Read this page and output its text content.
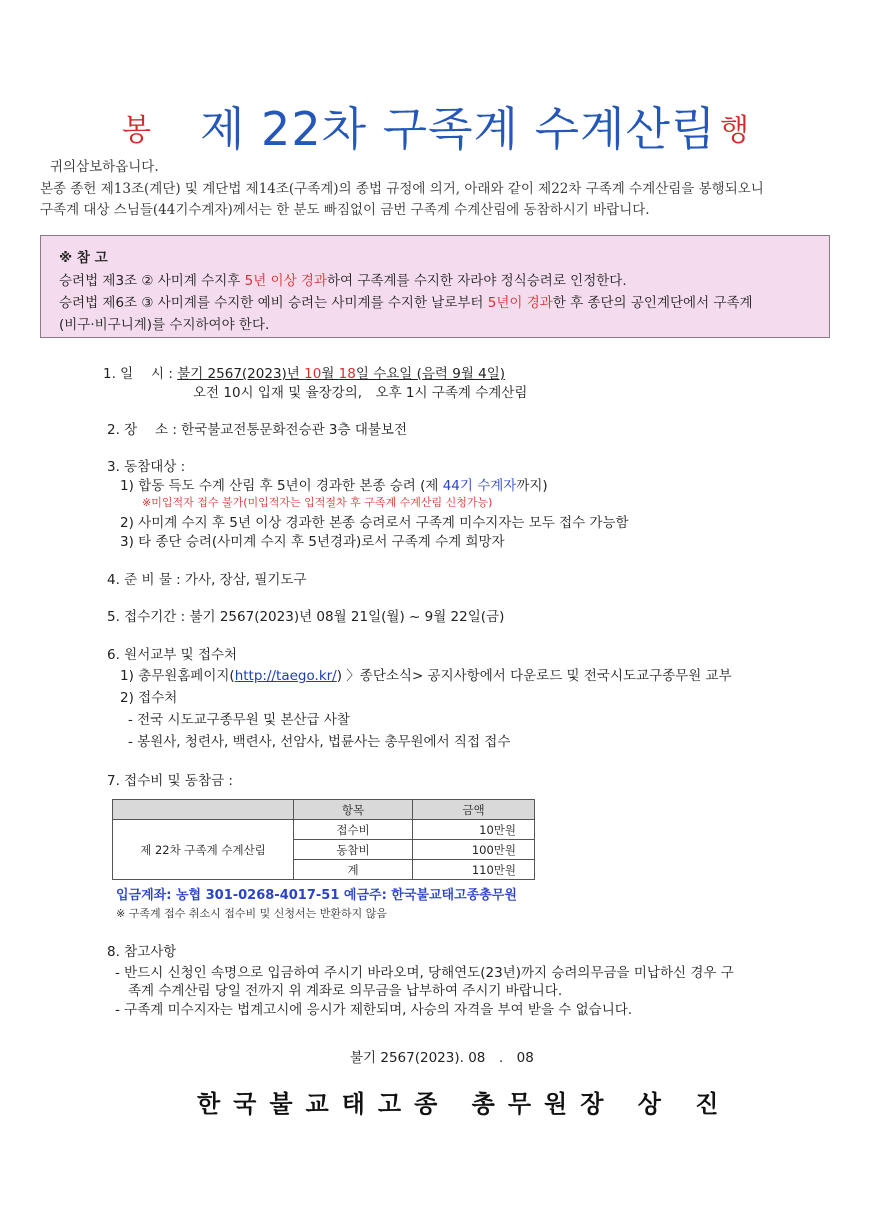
봉 제 22차 구족계 수계산림 행
귀의삼보하옵니다.
본종 종헌 제13조(계단) 및 계단법 제14조(구족계)의 종법 규정에 의거, 아래와 같이 제22차 구족계 수계산림을 봉행되오니
구족계 대상 스님들(44기수계자)께서는 한 분도 빠짐없이 금번 구족계 수계산림에 동참하시기 바랍니다.
※ 참 고
승려법 제3조 ② 사미계 수지후 5년 이상 경과하여 구족계를 수지한 자라야 정식승려로 인정한다.
승려법 제6조 ③ 사미계를 수지한 예비 승려는 사미계를 수지한 날로부터 5년이 경과한 후 종단의 공인계단에서 구족계
(비구·비구니계)를 수지하여야 한다.
1. 일　 시 : 불기 2567(2023)년 10월 18일 수요일 (음력 9월 4일)
오전 10시 입재 및 율장강의,　오후 1시 구족계 수계산림
2. 장　 소 : 한국불교전통문화전승관 3층 대불보전
3. 동참대상 :
1) 합동 득도 수계 산림 후 5년이 경과한 본종 승려 (제 44기 수계자까지)
※미입적자 접수 불가(미입적자는 입적절차 후 구족계 수계산림 신청가능)
2) 사미계 수지 후 5년 이상 경과한 본종 승려로서 구족계 미수지자는 모두 접수 가능함
3) 타 종단 승려(사미계 수지 후 5년경과)로서 구족계 수계 희망자
4. 준 비 물 : 가사, 장삼, 필기도구
5. 접수기간 : 불기 2567(2023)년 08월 21일(월) ~ 9월 22일(금)
6. 원서교부 및 접수처
1) 총무원홈페이지(http://taego.kr/) 〉종단소식> 공지사항에서 다운로드 및 전국시도교구종무원 교부
2) 접수처
- 전국 시도교구종무원 및 본산급 사찰
- 봉원사, 청련사, 백련사, 선암사, 법륜사는 총무원에서 직접 접수
7. 접수비 및 동참금 :
	항목	금액
제 22차 구족계 수계산림	접수비	10만원
	동참비	100만원
	계	110만원
입금계좌: 농협 301-0268-4017-51 예금주: 한국불교태고종총무원
※ 구족계 접수 취소시 접수비 및 신청서는 반환하지 않음
8. 참고사항
- 반드시 신청인 속명으로 입금하여 주시기 바라오며, 당해연도(23년)까지 승려의무금을 미납하신 경우 구
족계 수계산림 당일 전까지 위 계좌로 의무금을 납부하여 주시기 바랍니다.
- 구족계 미수지자는 법계고시에 응시가 제한되며, 사승의 자격을 부여 받을 수 없습니다.
불기 2567(2023). 08　.　08
한국불교태고종 총무원장 상 진
